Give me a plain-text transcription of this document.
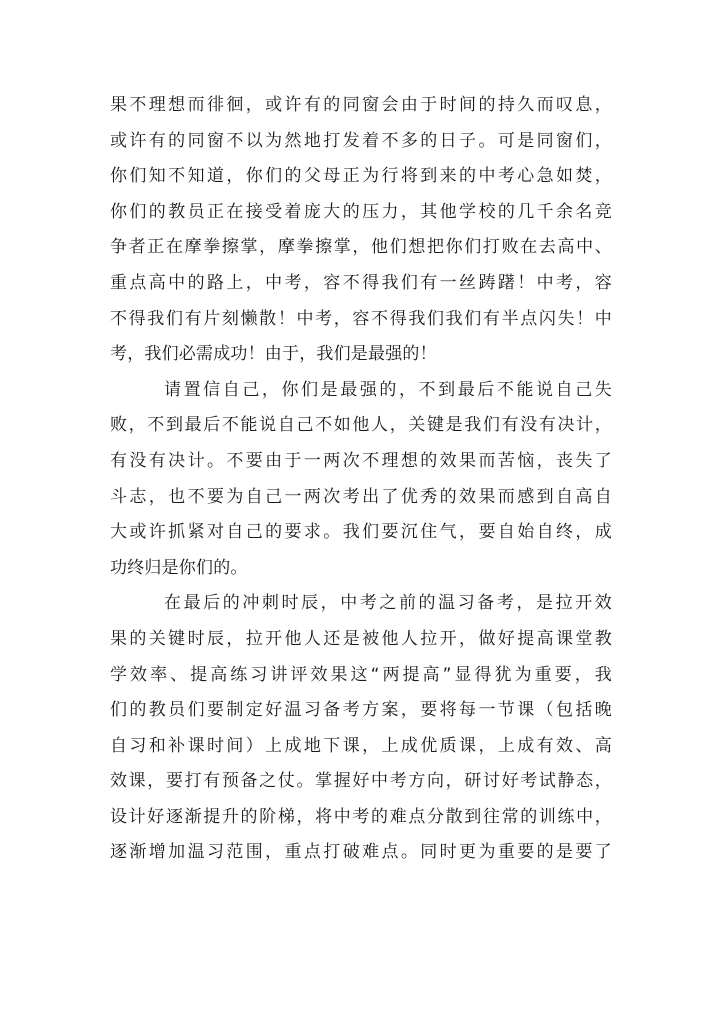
果不理想而徘徊，或许有的同窗会由于时间的持久而叹息，
或许有的同窗不以为然地打发着不多的日子。可是同窗们，
你们知不知道，你们的父母正为行将到来的中考心急如焚，
你们的教员正在接受着庞大的压力，其他学校的几千余名竞
争者正在摩拳擦掌，摩拳擦掌，他们想把你们打败在去高中、
重点高中的路上，中考，容不得我们有一丝踌躇！中考，容
不得我们有片刻懒散！中考，容不得我们我们有半点闪失！中
考，我们必需成功！由于，我们是最强的！
请置信自己，你们是最强的，不到最后不能说自己失
败，不到最后不能说自己不如他人，关键是我们有没有决计，
有没有决计。不要由于一两次不理想的效果而苦恼，丧失了
斗志，也不要为自己一两次考出了优秀的效果而感到自高自
大或许抓紧对自己的要求。我们要沉住气，要自始自终，成
功终归是你们的。
在最后的冲刺时辰，中考之前的温习备考，是拉开效
果的关键时辰，拉开他人还是被他人拉开，做好提高课堂教
学效率、提高练习讲评效果这“两提高”显得犹为重要，我
们的教员们要制定好温习备考方案，要将每一节课（包括晚
自习和补课时间）上成地下课，上成优质课，上成有效、高
效课，要打有预备之仗。掌握好中考方向，研讨好考试静态，
设计好逐渐提升的阶梯，将中考的难点分散到往常的训练中，
逐渐增加温习范围，重点打破难点。同时更为重要的是要了
